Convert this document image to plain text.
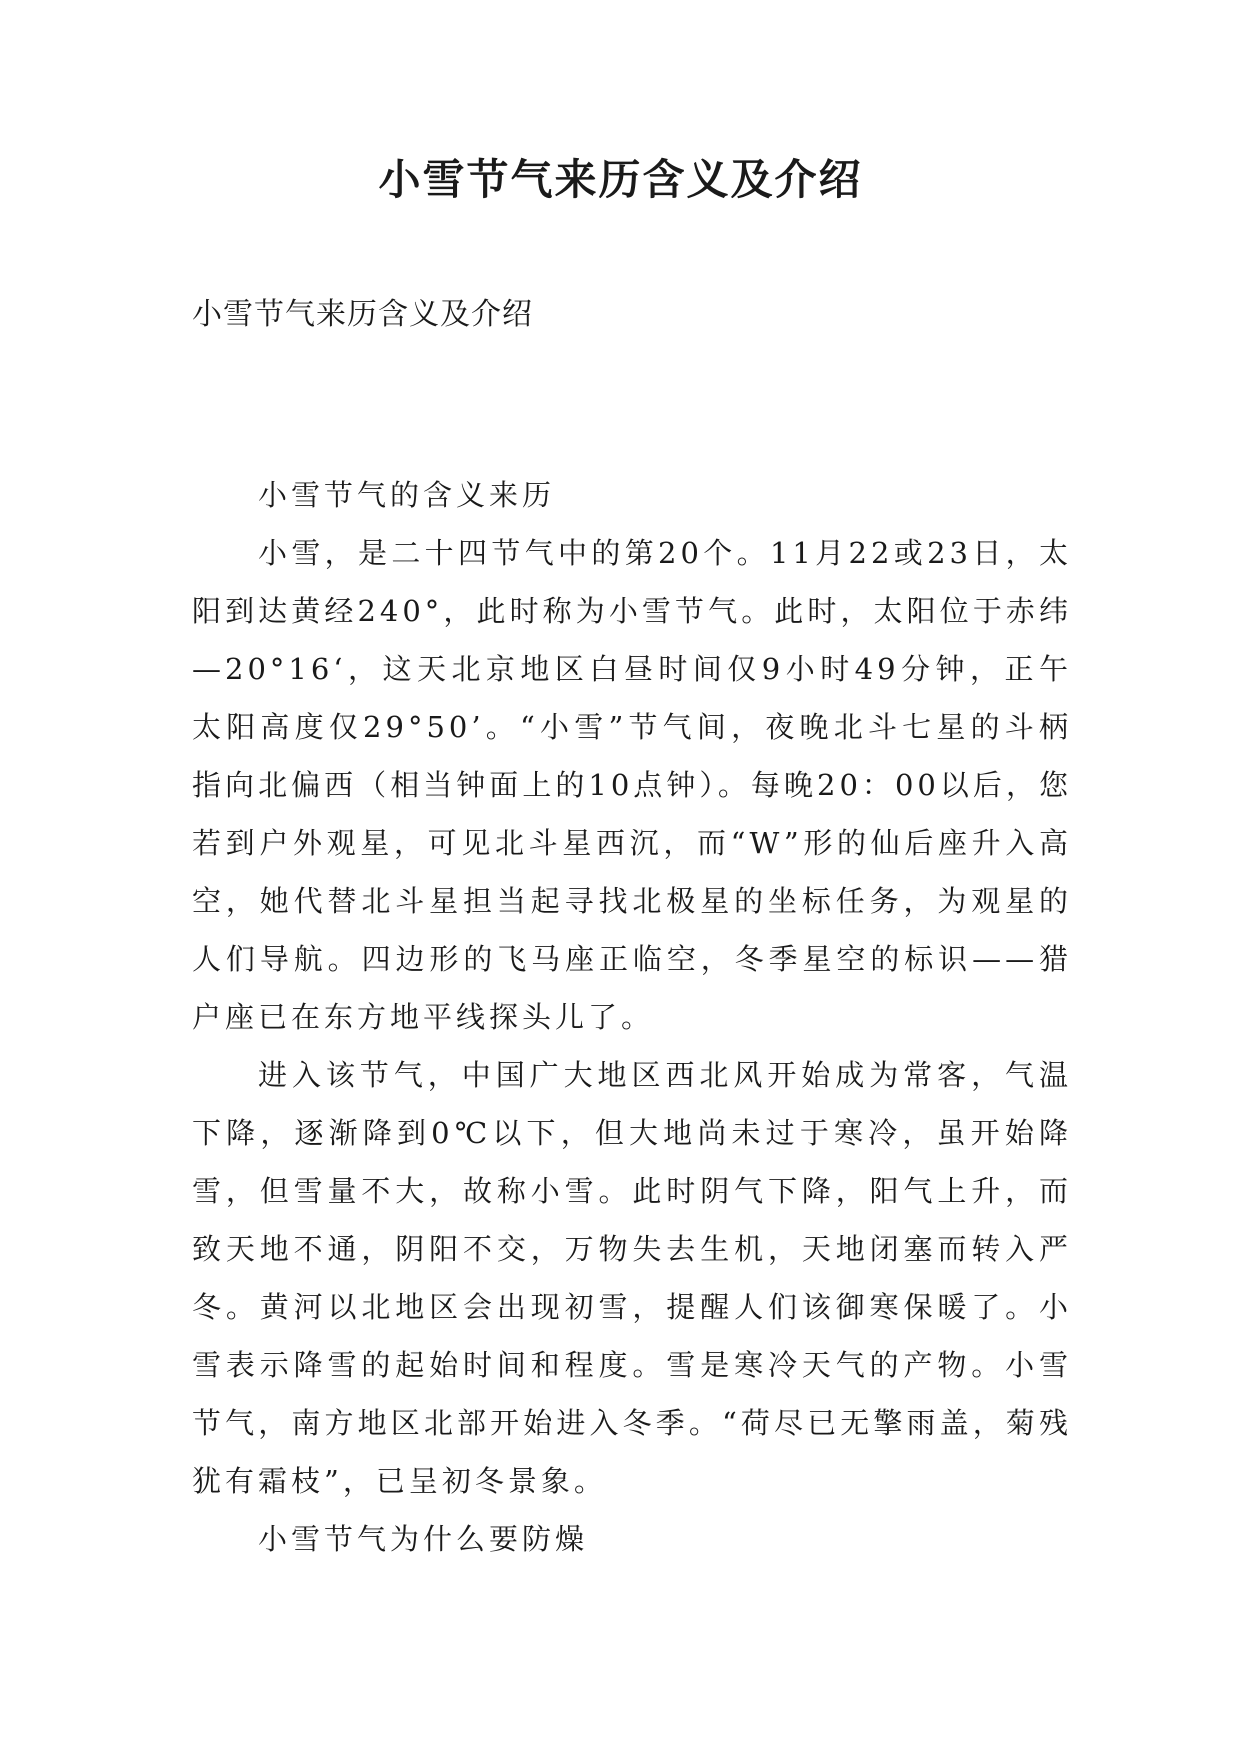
小雪节气来历含义及介绍

小雪节气来历含义及介绍

小雪节气的含义来历

小雪，是二十四节气中的第20个。11月22或23日，太阳到达黄经240°，此时称为小雪节气。此时，太阳位于赤纬—20°16‘，这天北京地区白昼时间仅9小时49分钟，正午太阳高度仅29°50’。“小雪”节气间，夜晚北斗七星的斗柄指向北偏西（相当钟面上的10点钟）。每晚20：00以后，您若到户外观星，可见北斗星西沉，而“W”形的仙后座升入高空，她代替北斗星担当起寻找北极星的坐标任务，为观星的人们导航。四边形的飞马座正临空，冬季星空的标识——猎户座已在东方地平线探头儿了。

进入该节气，中国广大地区西北风开始成为常客，气温下降，逐渐降到0℃以下，但大地尚未过于寒冷，虽开始降雪，但雪量不大，故称小雪。此时阴气下降，阳气上升，而致天地不通，阴阳不交，万物失去生机，天地闭塞而转入严冬。黄河以北地区会出现初雪，提醒人们该御寒保暖了。小雪表示降雪的起始时间和程度。雪是寒冷天气的产物。小雪节气，南方地区北部开始进入冬季。“荷尽已无擎雨盖，菊残犹有霜枝”，已呈初冬景象。

小雪节气为什么要防燥
